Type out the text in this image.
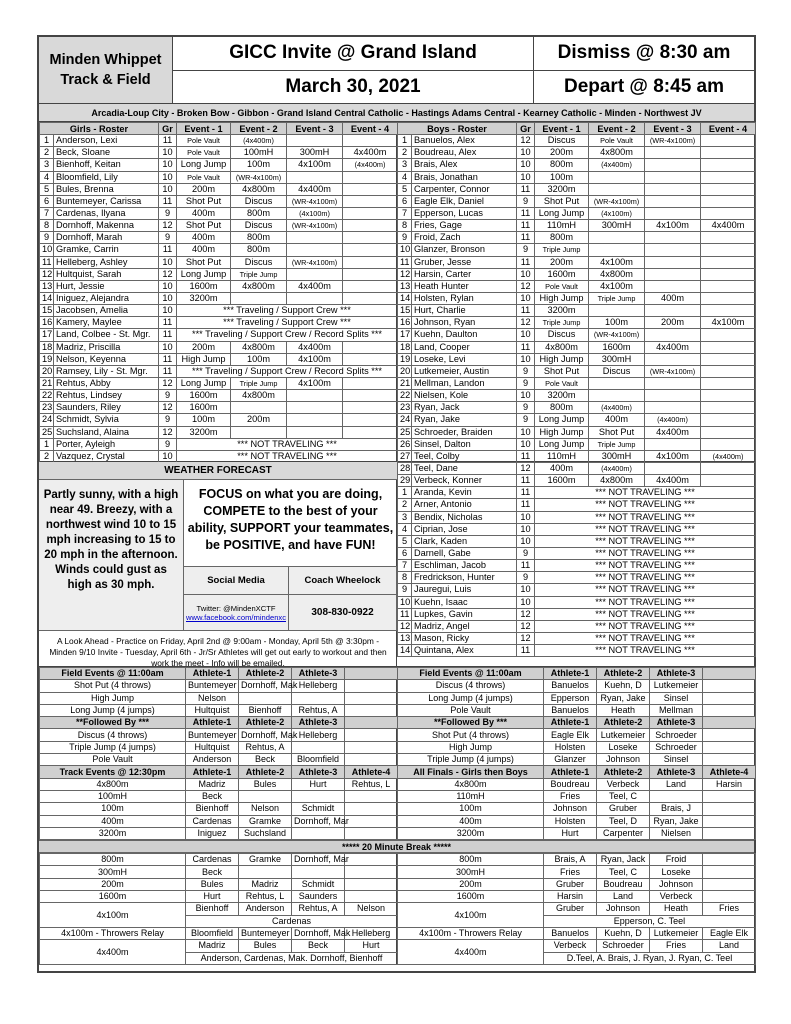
Minden Whippet Track & Field
GICC Invite @ Grand Island
March 30, 2021
Dismiss @ 8:30 am
Depart @ 8:45 am
Arcadia-Loup City - Broken Bow - Gibbon - Grand Island Central Catholic - Hastings Adams Central - Kearney Catholic - Minden - Northwest JV
Girls - Roster		Gr	Event - 1	Event - 2	Event - 3	Event - 4
1	Anderson, Lexi	11	Pole Vault	(4x400m)		
2	Beck, Sloane	10	Pole Vault	100mH	300mH	4x400m
3	Bienhoff, Keitan	10	Long Jump	100m	4x100m	(4x400m)
4	Bloomfield, Lily	10	Pole Vault	(WR-4x100m)		
5	Bules, Brenna	10	200m	4x800m	4x400m	
6	Buntemeyer, Carissa	11	Shot Put	Discus	(WR-4x100m)	
7	Cardenas, Ilyana	9	400m	800m	(4x100m)	
8	Dornhoff, Makenna	12	Shot Put	Discus	(WR-4x100m)	
9	Dornhoff, Marah	9	400m	800m		
10	Gramke, Carrin	11	400m	800m		
11	Helleberg, Ashley	10	Shot Put	Discus	(WR-4x100m)	
12	Hultquist, Sarah	12	Long Jump	Triple Jump		
13	Hurt, Jessie	10	1600m	4x800m	4x400m	
14	Iniguez, Alejandra	10	3200m			
15	Jacobsen, Amelia	10	*** Traveling / Support Crew ***			
16	Kamery, Maylee	11	*** Traveling / Support Crew ***			
17	Land, Colbee - St. Mgr.	11	*** Traveling / Support Crew / Record Splits ***			
18	Madriz, Priscilla	10	200m	4x800m	4x400m	
19	Nelson, Keyenna	11	High Jump	100m	4x100m	
20	Ramsey, Lily - St. Mgr.	11	*** Traveling / Support Crew / Record Splits ***			
21	Rehtus, Abby	12	Long Jump	Triple Jump	4x100m	
22	Rehtus, Lindsey	9	1600m	4x800m		
23	Saunders, Riley	12	1600m			
24	Schmidt, Sylvia	9	100m	200m		
25	Suchsland, Alaina	12	3200m			
1	Porter, Ayleigh	9	*** NOT TRAVELING ***			
2	Vazquez, Crystal	10	*** NOT TRAVELING ***			
Boys - Roster		Gr	Event - 1	Event - 2	Event - 3	Event - 4
1	Banuelos, Alex	12	Discus	Pole Vault	(WR-4x100m)	
2	Boudreau, Alex	10	200m	4x800m		
3	Brais, Alex	10	800m	(4x400m)		
4	Brais, Jonathan	10	100m			
5	Carpenter, Connor	11	3200m			
6	Eagle Elk, Daniel	9	Shot Put	(WR-4x100m)		
7	Epperson, Lucas	11	Long Jump	(4x100m)		
8	Fries, Gage	11	110mH	300mH	4x100m	4x400m
9	Froid, Zach	11	800m			
10	Glanzer, Bronson	9	Triple Jump			
11	Gruber, Jesse	11	200m	4x100m		
12	Harsin, Carter	10	1600m	4x800m		
13	Heath Hunter	12	Pole Vault	4x100m		
14	Holsten, Rylan	10	High Jump	Triple Jump	400m	
15	Hurt, Charlie	11	3200m			
16	Johnson, Ryan	12	Triple Jump	100m	200m	4x100m
17	Kuehn, Daulton	10	Discus	(WR-4x100m)		
18	Land, Cooper	11	4x800m	1600m	4x400m	
19	Loseke, Levi	10	High Jump	300mH		
20	Lutkemeier, Austin	9	Shot Put	Discus	(WR-4x100m)	
21	Mellman, Landon	9	Pole Vault			
22	Nielsen, Kole	10	3200m			
23	Ryan, Jack	9	800m	(4x400m)		
24	Ryan, Jake	9	Long Jump	400m	(4x400m)	
25	Schroeder, Braiden	10	High Jump	Shot Put	4x400m	
26	Sinsel, Dalton	10	Long Jump	Triple Jump		
27	Teel, Colby	11	110mH	300mH	4x100m	(4x400m)
WEATHER FORECAST
Partly sunny, with a high near 49. Breezy, with a northwest wind 10 to 15 mph increasing to 15 to 20 mph in the afternoon. Winds could gust as high as 30 mph.
FOCUS on what you are doing, COMPETE to the best of your ability, SUPPORT your teammates, be POSITIVE, and have FUN!
Social Media	Coach Wheelock
Twitter: @MindenXCTF
www.facebook.com/mindenxc	308-830-0922
A Look Ahead - Practice on Friday, April 2nd @ 9:00am - Monday, April 5th @ 3:30pm - Minden 9/10 Invite - Tuesday, April 6th - Jr/Sr Athletes will get out early to workout and then work the meet - Info will be emailed.
28	Teel, Dane	12	400m	(4x400m)		
29	Verbeck, Konner	11	1600m	4x800m	4x400m	
1	Aranda, Kevin	11	*** NOT TRAVELING ***			
2	Arner, Antonio	11	*** NOT TRAVELING ***			
3	Bendix, Nicholas	10	*** NOT TRAVELING ***			
4	Ciprian, Jose	10	*** NOT TRAVELING ***			
5	Clark, Kaden	10	*** NOT TRAVELING ***			
6	Darnell, Gabe	9	*** NOT TRAVELING ***			
7	Eschliman, Jacob	11	*** NOT TRAVELING ***			
8	Fredrickson, Hunter	9	*** NOT TRAVELING ***			
9	Jauregui, Luis	10	*** NOT TRAVELING ***			
10	Kuehn, Isaac	10	*** NOT TRAVELING ***			
11	Lupkes, Gavin	12	*** NOT TRAVELING ***			
12	Madriz, Angel	12	*** NOT TRAVELING ***			
13	Mason, Ricky	12	*** NOT TRAVELING ***			
14	Quintana, Alex	11	*** NOT TRAVELING ***			
Field Events @ 11:00am	Athlete-1	Athlete-2	Athlete-3	
Shot Put (4 throws)	Buntemeyer	Dornhoff, Mak	Helleberg	
High Jump	Nelson			
Long Jump (4 jumps)	Hultquist	Bienhoff	Rehtus, A	
**Followed By ***	Athlete-1	Athlete-2	Athlete-3	
Discus (4 throws)	Buntemeyer	Dornhoff, Mak	Helleberg	
Triple Jump (4 jumps)	Hultquist	Rehtus, A		
Pole Vault	Anderson	Beck	Bloomfield	
Track Events @ 12:30pm	Athlete-1	Athlete-2	Athlete-3	Athlete-4
4x800m	Madriz	Bules	Hurt	Rehtus, L
100mH	Beck			
100m	Bienhoff	Nelson	Schmidt	
400m	Cardenas	Gramke	Dornhoff, Mar	
3200m	Iniguez	Suchsland		
Field Events @ 11:00am	Athlete-1	Athlete-2	Athlete-3	
Discus (4 throws)	Banuelos	Kuehn, D	Lutkemeier	
Long Jump (4 jumps)	Epperson	Ryan, Jake	Sinsel	
Pole Vault	Banuelos	Heath	Mellman	
**Followed By ***	Athlete-1	Athlete-2	Athlete-3	
Shot Put (4 throws)	Eagle Elk	Lutkemeier	Schroeder	
High Jump	Holsten	Loseke	Schroeder	
Triple Jump (4 jumps)	Glanzer	Johnson	Sinsel	
All Finals - Girls then Boys	Athlete-1	Athlete-2	Athlete-3	Athlete-4
4x800m	Boudreau	Verbeck	Land	Harsin
110mH	Fries	Teel, C		
100m	Johnson	Gruber	Brais, J	
400m	Holsten	Teel, D	Ryan, Jake	
3200m	Hurt	Carpenter	Nielsen	
***** 20 Minute Break *****
800m	Cardenas	Gramke	Dornhoff, Mar	
300mH	Beck			
200m	Bules	Madriz	Schmidt	
1600m	Hurt	Rehtus, L	Saunders	
4x100m	Bienhoff	Anderson	Rehtus, A	Nelson
	Cardenas			
4x100m - Throwers Relay	Bloomfield	Buntemeyer	Dornhoff, Mak	Helleberg
4x400m	Madriz	Bules	Beck	Hurt
	Anderson, Cardenas, Mak. Dornhoff, Bienhoff			
800m	Brais, A	Ryan, Jack	Froid	
300mH	Fries	Teel, C	Loseke	
200m	Gruber	Boudreau	Johnson	
1600m	Harsin	Land	Verbeck	
4x100m	Gruber	Johnson	Heath	Fries
	Epperson, C. Teel			
4x100m - Throwers Relay	Banuelos	Kuehn, D	Lutkemeier	Eagle Elk
4x400m	Verbeck	Schroeder	Fries	Land
	D.Teel, A. Brais, J. Ryan, J. Ryan, C. Teel			
